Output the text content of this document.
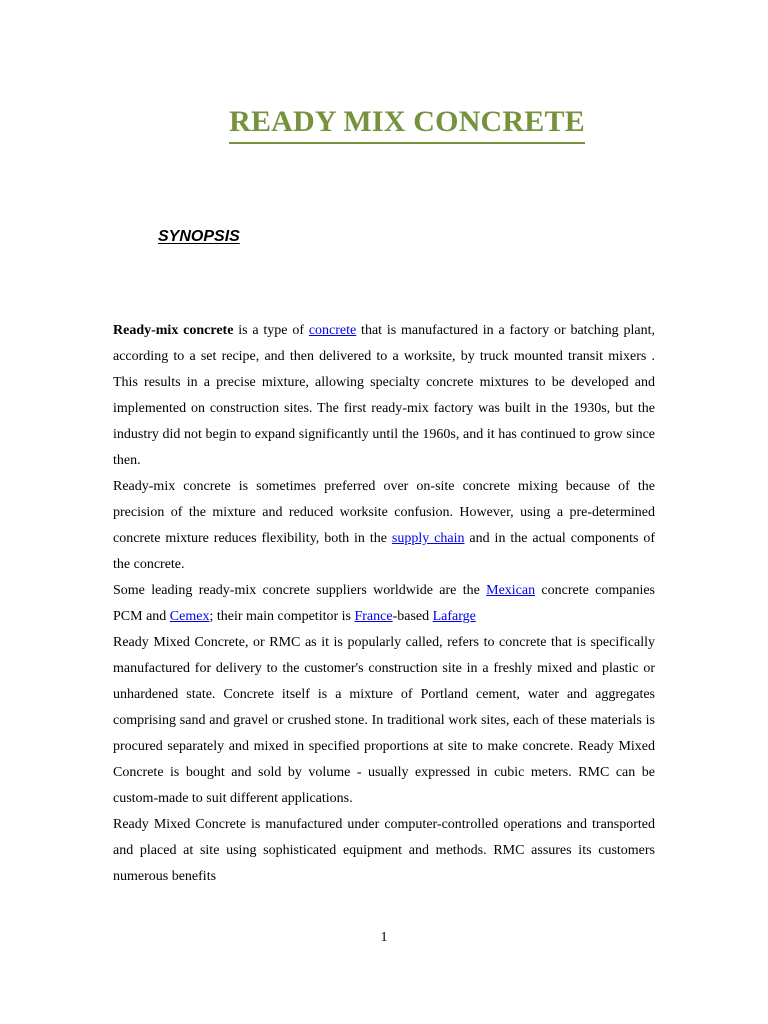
READY MIX CONCRETE
SYNOPSIS

Ready-mix concrete is a type of concrete that is manufactured in a factory or batching plant, according to a set recipe, and then delivered to a worksite, by truck mounted transit mixers . This results in a precise mixture, allowing specialty concrete mixtures to be developed and implemented on construction sites. The first ready-mix factory was built in the 1930s, but the industry did not begin to expand significantly until the 1960s, and it has continued to grow since then.

Ready-mix concrete is sometimes preferred over on-site concrete mixing because of the precision of the mixture and reduced worksite confusion. However, using a pre-determined concrete mixture reduces flexibility, both in the supply chain and in the actual components of the concrete.

Some leading ready-mix concrete suppliers worldwide are the Mexican concrete companies PCM and Cemex; their main competitor is France-based Lafarge

Ready Mixed Concrete, or RMC as it is popularly called, refers to concrete that is specifically manufactured for delivery to the customer's construction site in a freshly mixed and plastic or unhardened state. Concrete itself is a mixture of Portland cement, water and aggregates comprising sand and gravel or crushed stone. In traditional work sites, each of these materials is procured separately and mixed in specified proportions at site to make concrete. Ready Mixed Concrete is bought and sold by volume - usually expressed in cubic meters. RMC can be custom-made to suit different applications.

Ready Mixed Concrete is manufactured under computer-controlled operations and transported and placed at site using sophisticated equipment and methods. RMC assures its customers numerous benefits

1
